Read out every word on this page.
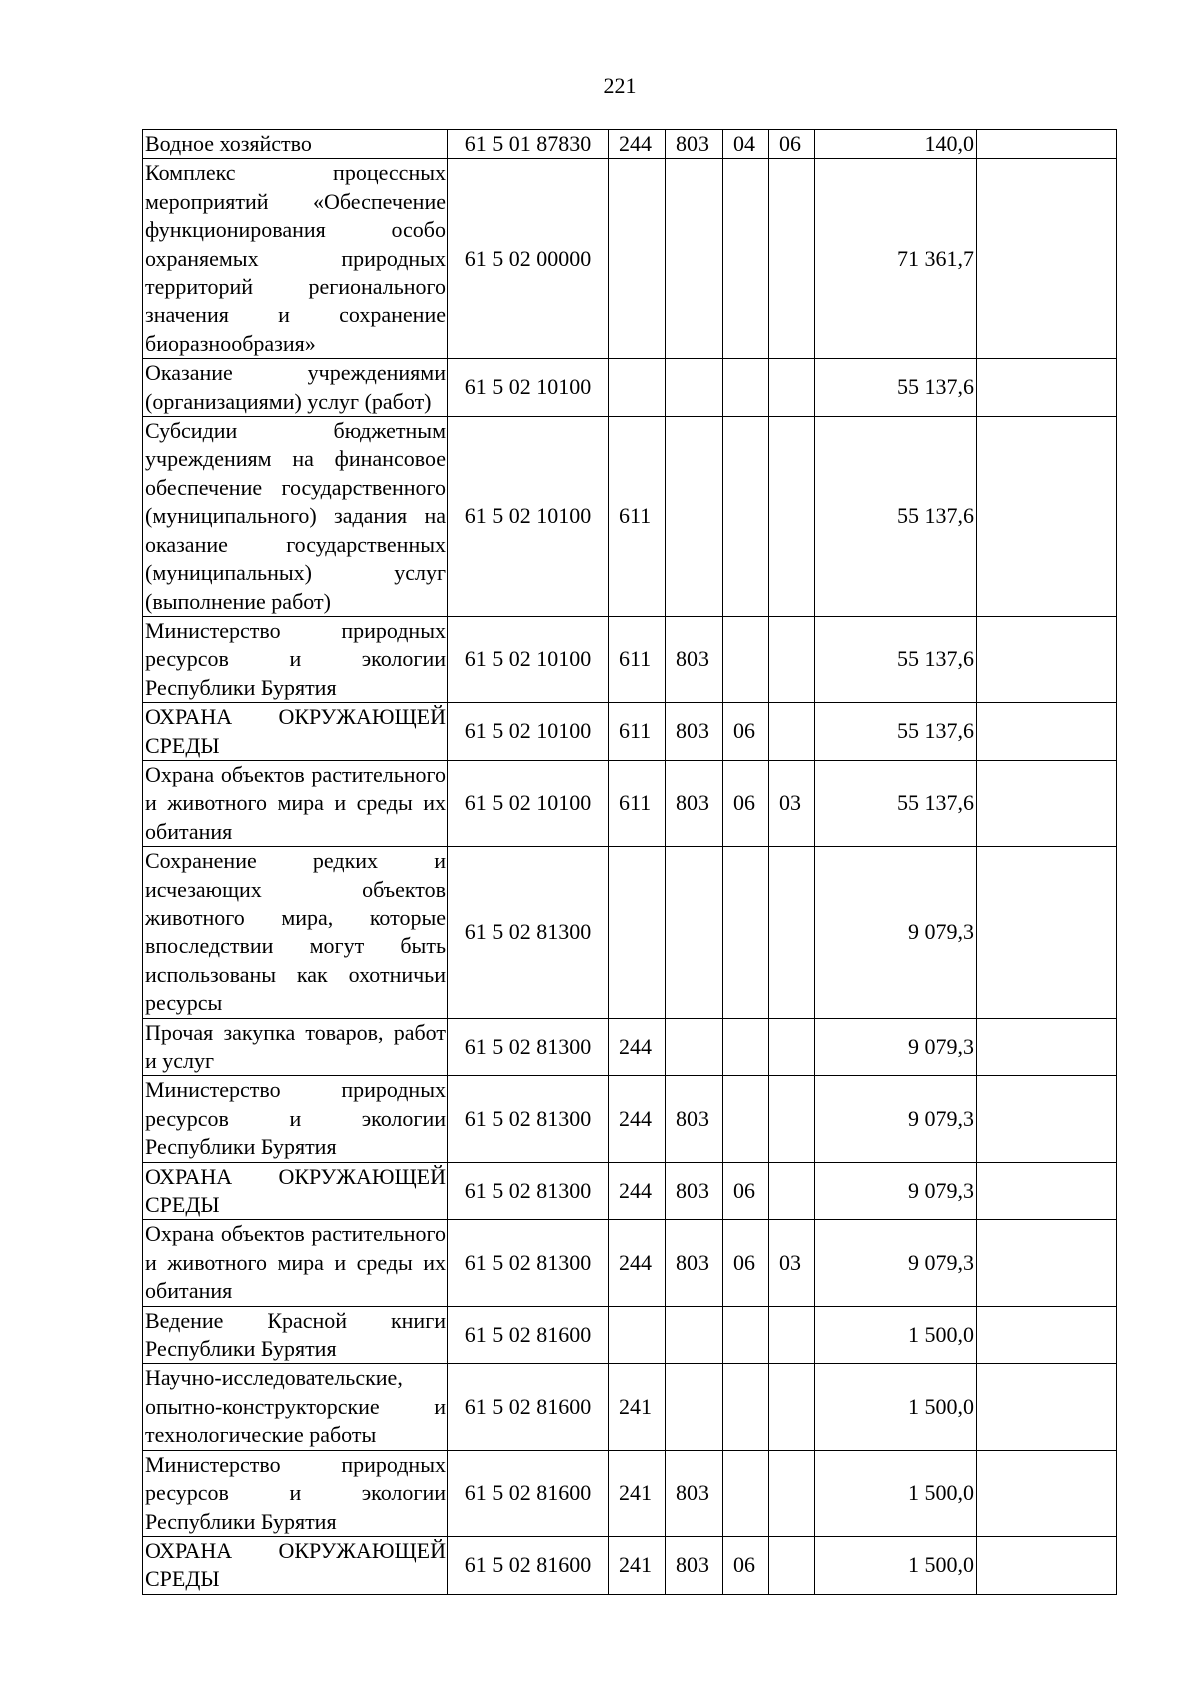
221
Водное хозяйство	61 5 01 87830	244	803	04	06	140,0	
Комплекс процессных мероприятий «Обеспечение функционирования особо охраняемых природных территорий регионального значения и сохранение биоразнообразия»	61 5 02 00000					71 361,7	
Оказание учреждениями (организациями) услуг (работ)	61 5 02 10100					55 137,6	
Субсидии бюджетным учреждениям на финансовое обеспечение государственного (муниципального) задания на оказание государственных (муниципальных) услуг (выполнение работ)	61 5 02 10100	611				55 137,6	
Министерство природных ресурсов и экологии Республики Бурятия	61 5 02 10100	611	803			55 137,6	
ОХРАНА ОКРУЖАЮЩЕЙ СРЕДЫ	61 5 02 10100	611	803	06		55 137,6	
Охрана объектов растительного и животного мира и среды их обитания	61 5 02 10100	611	803	06	03	55 137,6	
Сохранение редких и исчезающих объектов животного мира, которые впоследствии могут быть использованы как охотничьи ресурсы	61 5 02 81300					9 079,3	
Прочая закупка товаров, работ и услуг	61 5 02 81300	244				9 079,3	
Министерство природных ресурсов и экологии Республики Бурятия	61 5 02 81300	244	803			9 079,3	
ОХРАНА ОКРУЖАЮЩЕЙ СРЕДЫ	61 5 02 81300	244	803	06		9 079,3	
Охрана объектов растительного и животного мира и среды их обитания	61 5 02 81300	244	803	06	03	9 079,3	
Ведение Красной книги Республики Бурятия	61 5 02 81600					1 500,0	
Научно-исследовательские, опытно-конструкторские и технологические работы	61 5 02 81600	241				1 500,0	
Министерство природных ресурсов и экологии Республики Бурятия	61 5 02 81600	241	803			1 500,0	
ОХРАНА ОКРУЖАЮЩЕЙ СРЕДЫ	61 5 02 81600	241	803	06		1 500,0	
